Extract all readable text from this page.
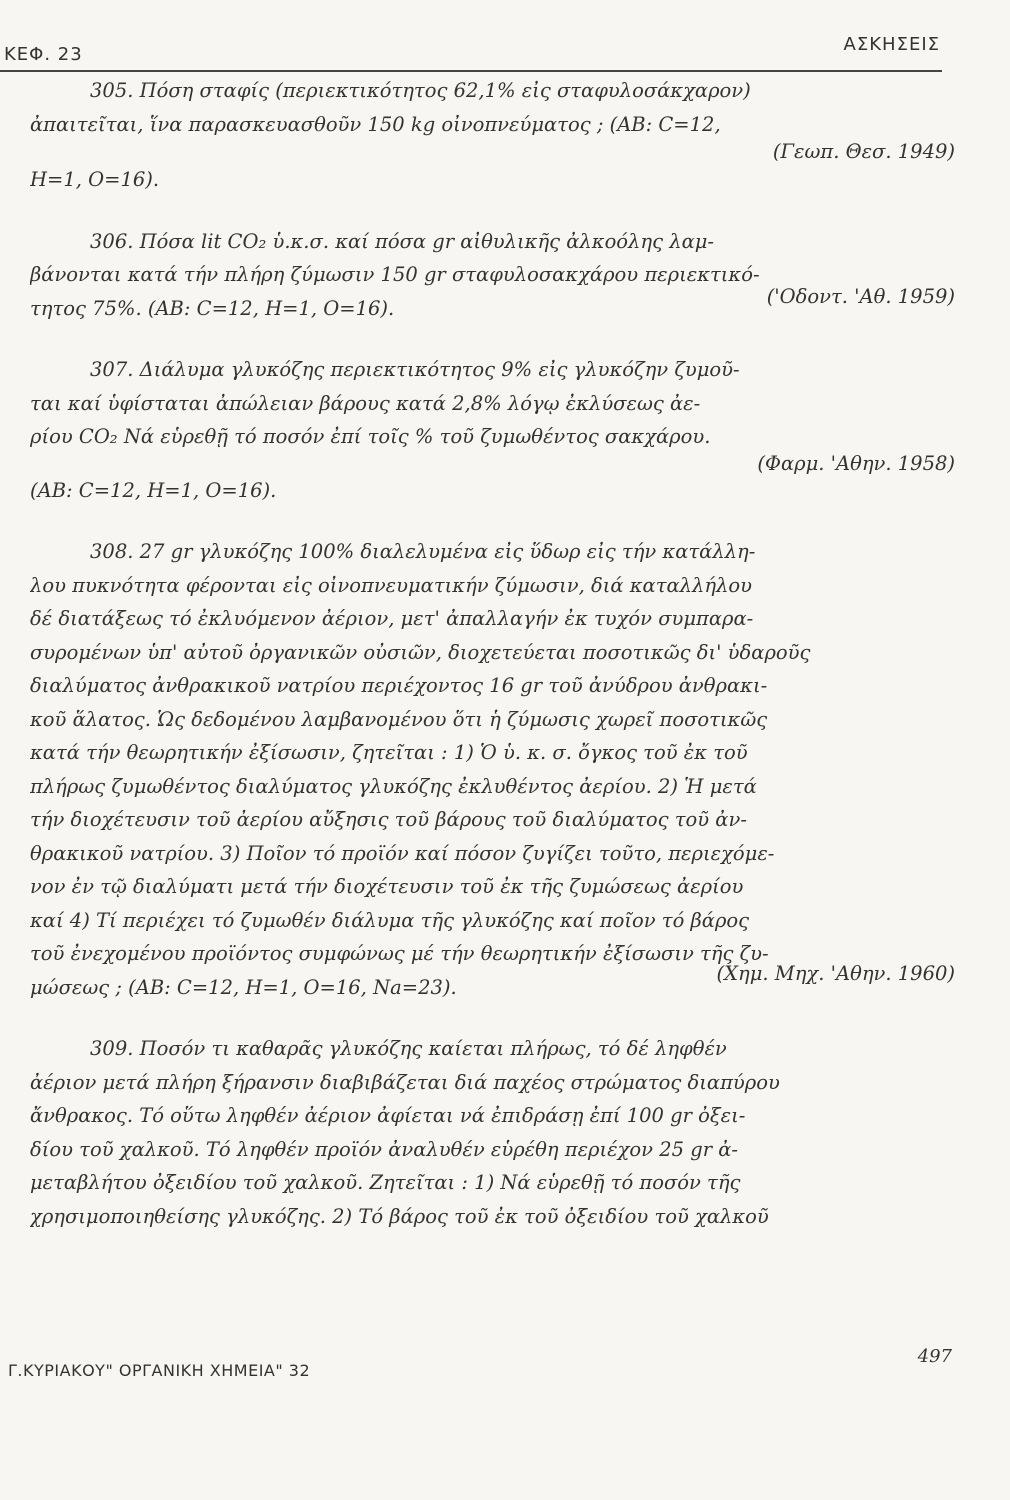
ΚΕΦ. 23	ΑΣΚΗΣΕΙΣ
305. Πόση σταφίς (περιεκτικότητος 62,1% εἰς σταφυλοσάκχαρον)
ἀπαιτεῖται, ἵνα παρασκευασθοῦν 150 kg οἰνοπνεύματος ; (ΑΒ: C=12,
(Γεωπ. Θεσ. 1949)
H=1, O=16).
306. Πόσα lit CO₂ ὑ.κ.σ. καί πόσα gr αἰθυλικῆς ἀλκοόλης λαμ-
βάνονται κατά τήν πλήρη ζύμωσιν 150 gr σταφυλοσακχάρου περιεκτικό-
τητος 75%. (ΑΒ: C=12, H=1, O=16).
('Οδοντ. 'Αθ. 1959)
307. Διάλυμα γλυκόζης περιεκτικότητος 9% εἰς γλυκόζην ζυμοῦ-
ται καί ὑφίσταται ἀπώλειαν βάρους κατά 2,8% λόγῳ ἐκλύσεως ἀε-
ρίου CO₂ Νά εὑρεθῇ τό ποσόν ἐπί τοῖς % τοῦ ζυμωθέντος σακχάρου.
(Φαρμ. 'Αθην. 1958)
(ΑΒ: C=12, H=1, O=16).
308. 27 gr γλυκόζης 100% διαλελυμένα εἰς ὕδωρ εἰς τήν κατάλλη-
λου πυκνότητα φέρονται εἰς οἰνοπνευματικήν ζύμωσιν, διά καταλλήλου
δέ διατάξεως τό ἐκλυόμενον ἀέριον, μετ' ἀπαλλαγήν ἐκ τυχόν συμπαρα-
συρομένων ὑπ' αὐτοῦ ὀργανικῶν οὐσιῶν, διοχετεύεται ποσοτικῶς δι' ὑδαροῦς
διαλύματος ἀνθρακικοῦ νατρίου περιέχοντος 16 gr τοῦ ἀνύδρου ἀνθρακι-
κοῦ ἅλατος. Ὡς δεδομένου λαμβανομένου ὅτι ἡ ζύμωσις χωρεῖ ποσοτικῶς
κατά τήν θεωρητικήν ἐξίσωσιν, ζητεῖται : 1) Ὁ ὑ. κ. σ. ὄγκος τοῦ ἐκ τοῦ
πλήρως ζυμωθέντος διαλύματος γλυκόζης ἐκλυθέντος ἀερίου. 2) Ἡ μετά
τήν διοχέτευσιν τοῦ ἀερίου αὔξησις τοῦ βάρους τοῦ διαλύματος τοῦ ἀν-
θρακικοῦ νατρίου. 3) Ποῖον τό προϊόν καί πόσον ζυγίζει τοῦτο, περιεχόμε-
νον ἐν τῷ διαλύματι μετά τήν διοχέτευσιν τοῦ ἐκ τῆς ζυμώσεως ἀερίου
καί 4) Τί περιέχει τό ζυμωθέν διάλυμα τῆς γλυκόζης καί ποῖον τό βάρος
τοῦ ἐνεχομένου προϊόντος συμφώνως μέ τήν θεωρητικήν ἐξίσωσιν τῆς ζυ-
μώσεως ; (ΑΒ: C=12, H=1, O=16, Na=23).
(Χημ. Μηχ. 'Αθην. 1960)
309. Ποσόν τι καθαρᾶς γλυκόζης καίεται πλήρως, τό δέ ληφθέν
ἀέριον μετά πλήρη ξήρανσιν διαβιβάζεται διά παχέος στρώματος διαπύρου
ἄνθρακος. Τό οὕτω ληφθέν ἀέριον ἀφίεται νά ἐπιδράσῃ ἐπί 100 gr ὀξει-
δίου τοῦ χαλκοῦ. Τό ληφθέν προϊόν ἀναλυθέν εὑρέθη περιέχον 25 gr ἀ-
μεταβλήτου ὀξειδίου τοῦ χαλκοῦ. Ζητεῖται : 1) Νά εὑρεθῇ τό ποσόν τῆς
χρησιμοποιηθείσης γλυκόζης. 2) Τό βάρος τοῦ ἐκ τοῦ ὀξειδίου τοῦ χαλκοῦ
Γ.ΚΥΡΙΑΚΟΥ" ΟΡΓΑΝΙΚΗ ΧΗΜΕΙΑ" 32
497
